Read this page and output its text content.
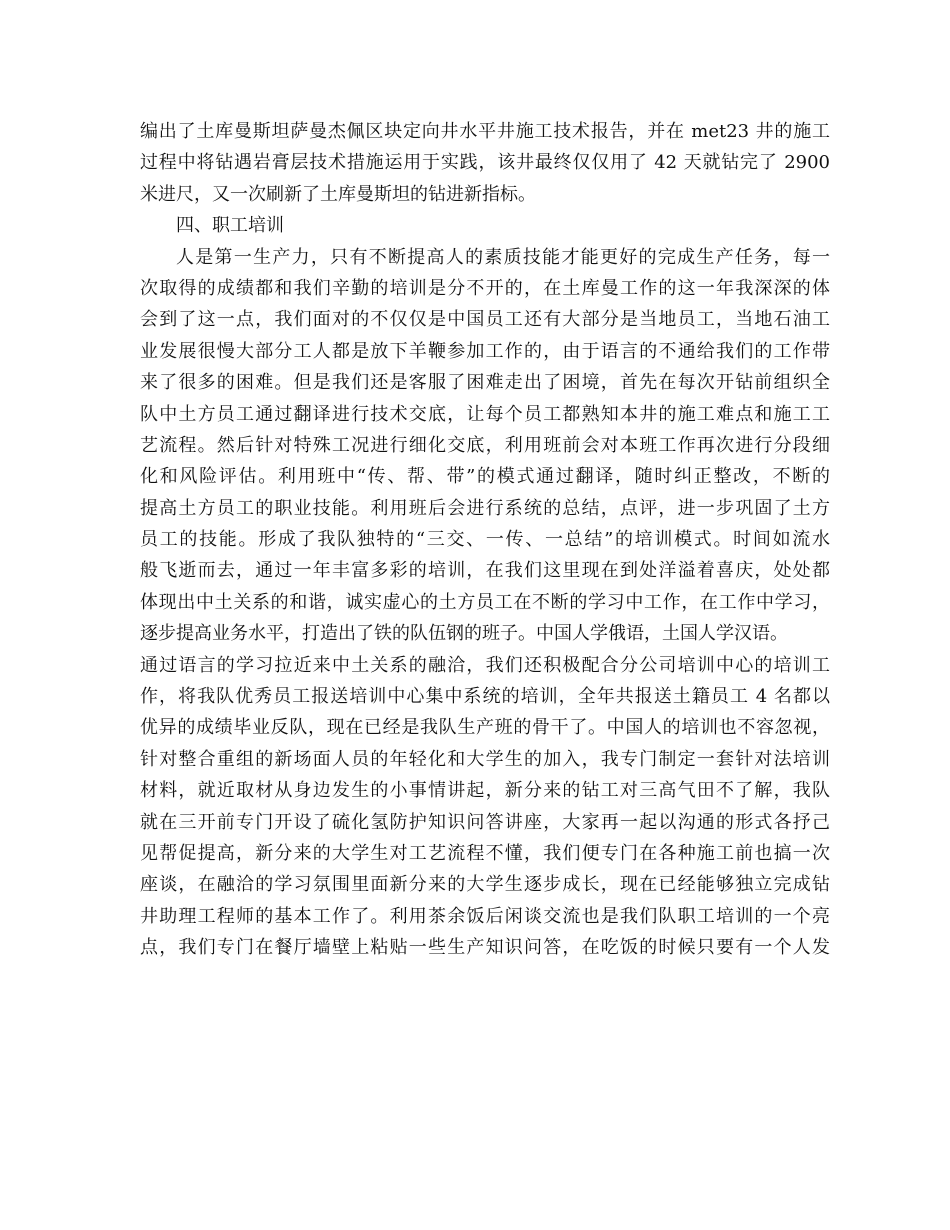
编出了土库曼斯坦萨曼杰佩区块定向井水平井施工技术报告，并在 met23 井的施工
过程中将钻遇岩膏层技术措施运用于实践，该井最终仅仅用了 42 天就钻完了 2900
米进尺，又一次刷新了土库曼斯坦的钻进新指标。
四、职工培训
人是第一生产力，只有不断提高人的素质技能才能更好的完成生产任务，每一
次取得的成绩都和我们辛勤的培训是分不开的，在土库曼工作的这一年我深深的体
会到了这一点，我们面对的不仅仅是中国员工还有大部分是当地员工，当地石油工
业发展很慢大部分工人都是放下羊鞭参加工作的，由于语言的不通给我们的工作带
来了很多的困难。但是我们还是客服了困难走出了困境，首先在每次开钻前组织全
队中土方员工通过翻译进行技术交底，让每个员工都熟知本井的施工难点和施工工
艺流程。然后针对特殊工况进行细化交底，利用班前会对本班工作再次进行分段细
化和风险评估。利用班中“传、帮、带”的模式通过翻译，随时纠正整改，不断的
提高土方员工的职业技能。利用班后会进行系统的总结，点评，进一步巩固了土方
员工的技能。形成了我队独特的“三交、一传、一总结”的培训模式。时间如流水
般飞逝而去，通过一年丰富多彩的培训，在我们这里现在到处洋溢着喜庆，处处都
体现出中土关系的和谐，诚实虚心的土方员工在不断的学习中工作，在工作中学习，
逐步提高业务水平，打造出了铁的队伍钢的班子。中国人学俄语，土国人学汉语。
通过语言的学习拉近来中土关系的融洽，我们还积极配合分公司培训中心的培训工
作，将我队优秀员工报送培训中心集中系统的培训，全年共报送土籍员工 4 名都以
优异的成绩毕业反队，现在已经是我队生产班的骨干了。中国人的培训也不容忽视，
针对整合重组的新场面人员的年轻化和大学生的加入，我专门制定一套针对法培训
材料，就近取材从身边发生的小事情讲起，新分来的钻工对三高气田不了解，我队
就在三开前专门开设了硫化氢防护知识问答讲座，大家再一起以沟通的形式各抒己
见帮促提高，新分来的大学生对工艺流程不懂，我们便专门在各种施工前也搞一次
座谈，在融洽的学习氛围里面新分来的大学生逐步成长，现在已经能够独立完成钻
井助理工程师的基本工作了。利用茶余饭后闲谈交流也是我们队职工培训的一个亮
点，我们专门在餐厅墙壁上粘贴一些生产知识问答，在吃饭的时候只要有一个人发
